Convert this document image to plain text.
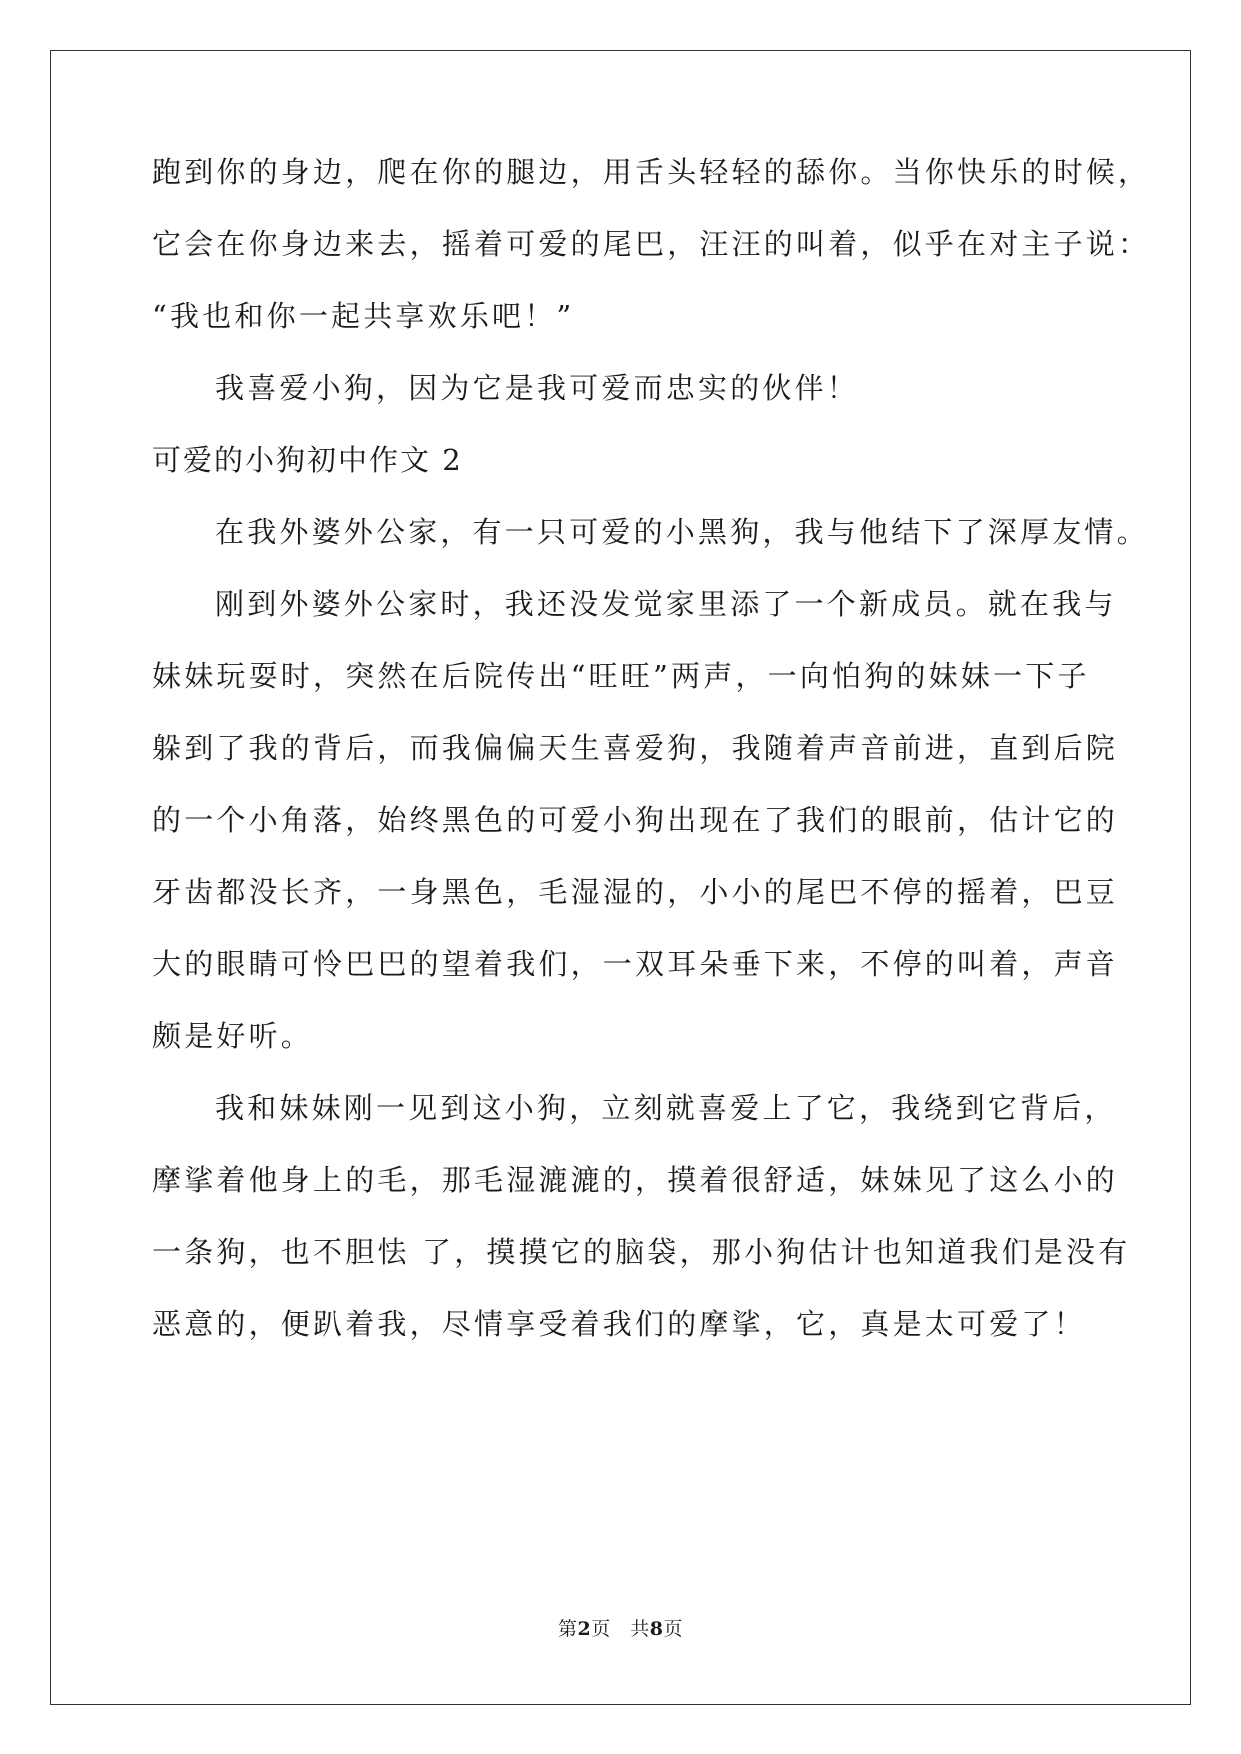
跑到你的身边，爬在你的腿边，用舌头轻轻的舔你。当你快乐的时候，
它会在你身边来去，摇着可爱的尾巴，汪汪的叫着，似乎在对主子说：
“我也和你一起共享欢乐吧！”
我喜爱小狗，因为它是我可爱而忠实的伙伴！
可爱的小狗初中作文 2
在我外婆外公家，有一只可爱的小黑狗，我与他结下了深厚友情。
刚到外婆外公家时，我还没发觉家里添了一个新成员。就在我与
妹妹玩耍时，突然在后院传出“旺旺”两声，一向怕狗的妹妹一下子
躲到了我的背后，而我偏偏天生喜爱狗，我随着声音前进，直到后院
的一个小角落，始终黑色的可爱小狗出现在了我们的眼前，估计它的
牙齿都没长齐，一身黑色，毛湿湿的，小小的尾巴不停的摇着，巴豆
大的眼睛可怜巴巴的望着我们，一双耳朵垂下来，不停的叫着，声音
颇是好听。
我和妹妹刚一见到这小狗，立刻就喜爱上了它，我绕到它背后，
摩挲着他身上的毛，那毛湿漉漉的，摸着很舒适，妹妹见了这么小的
一条狗，也不胆怯 了，摸摸它的脑袋，那小狗估计也知道我们是没有
恶意的，便趴着我，尽情享受着我们的摩挲，它，真是太可爱了！
第2页　共8页
